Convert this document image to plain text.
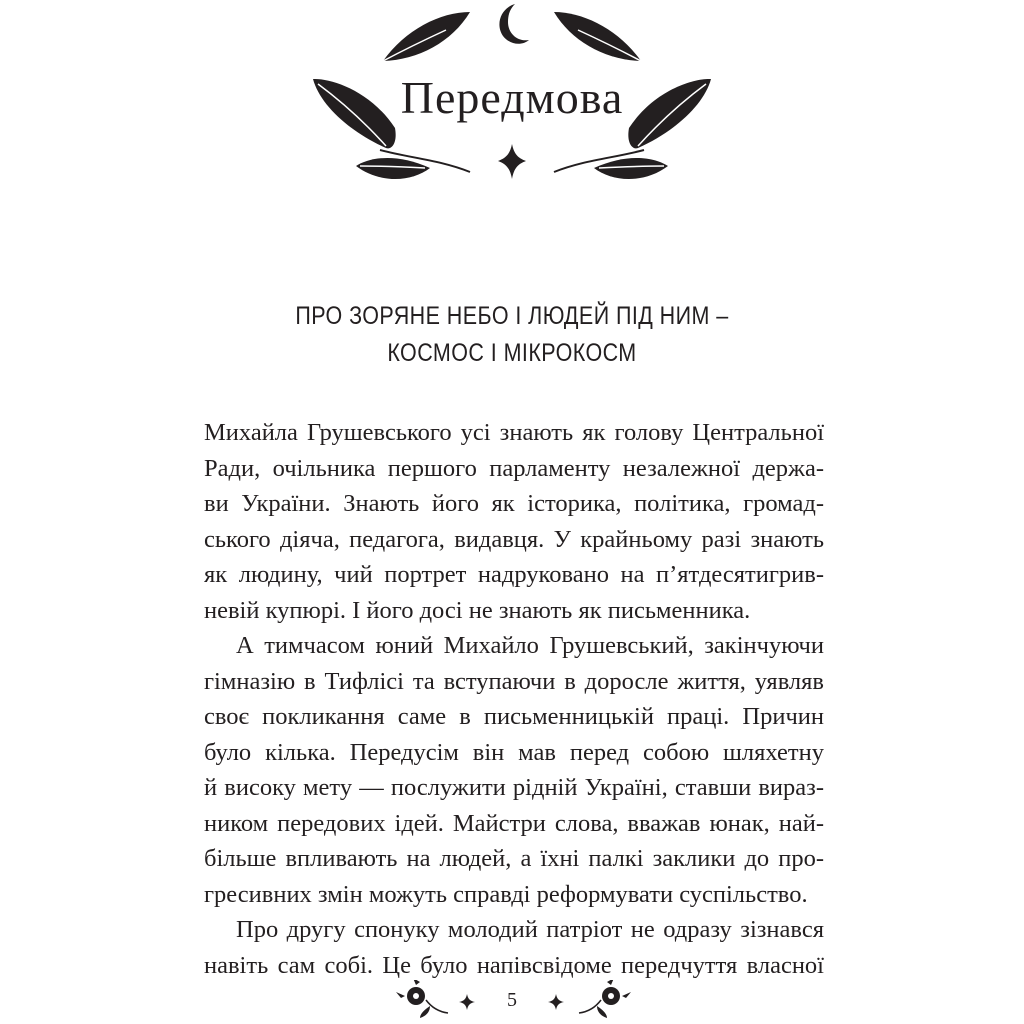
Передмова
ПРО ЗОРЯНЕ НЕБО І ЛЮДЕЙ ПІД НИМ –
КОСМОС І МІКРОКОСМ
Михайла Грушевського усі знають як голову Центральної
Ради, очільника першого парламенту незалежної держа-
ви України. Знають його як історика, політика, громад-
ського діяча, педагога, видавця. У крайньому разі знають
як людину, чий портрет надруковано на п’ятдесятигрив-
невій купюрі. І його досі не знають як письменника.
А тимчасом юний Михайло Грушевський, закінчуючи
гімназію в Тифлісі та вступаючи в доросле життя, уявляв
своє покликання саме в письменницькій праці. Причин
було кілька. Передусім він мав перед собою шляхетну
й високу мету — послужити рідній Україні, ставши вираз-
ником передових ідей. Майстри слова, вважав юнак, най-
більше впливають на людей, а їхні палкі заклики до про-
гресивних змін можуть справді реформувати суспільство.
Про другу спонуку молодий патріот не одразу зізнався
навіть сам собі. Це було напівсвідоме передчуття власної
5
